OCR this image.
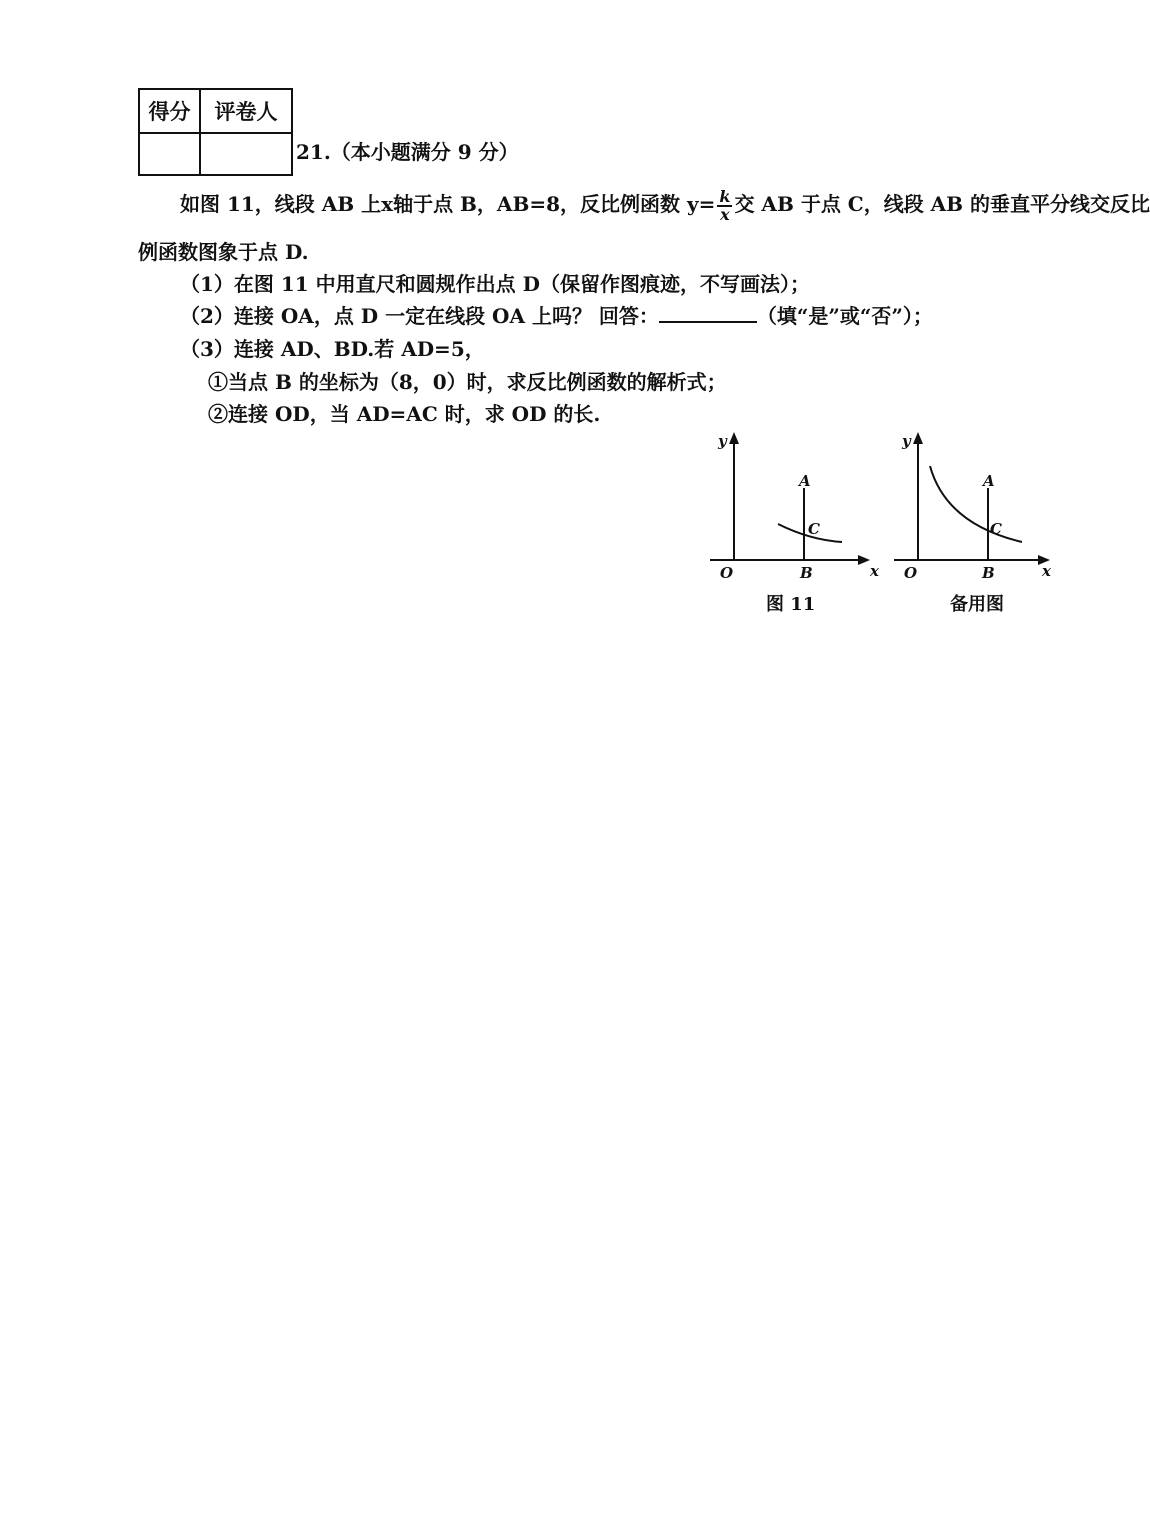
得分	评卷人

21.（本小题满分 9 分）
如图 11，线段 AB 上x轴于点 B，AB=8，反比例函数 $y= \frac{k}{x}$ 交 AB 于点 C，线段 AB 的垂直平分线交反比
例函数图象于点 D.
（1）在图 11 中用直尺和圆规作出点 D（保留作图痕迹，不写画法）；
（2）连接 OA，点 D 一定在线段 OA 上吗？ 回答：	（填“是”或“否”）；
（3）连接 AD、BD.若 AD=5，
①当点 B 的坐标为（8，0）时，求反比例函数的解析式；
②连接 OD，当 AD=AC 时，求 OD 的长.
y
x
O
A
B
C
图 11
y
x
O
A
B
C
备用图
